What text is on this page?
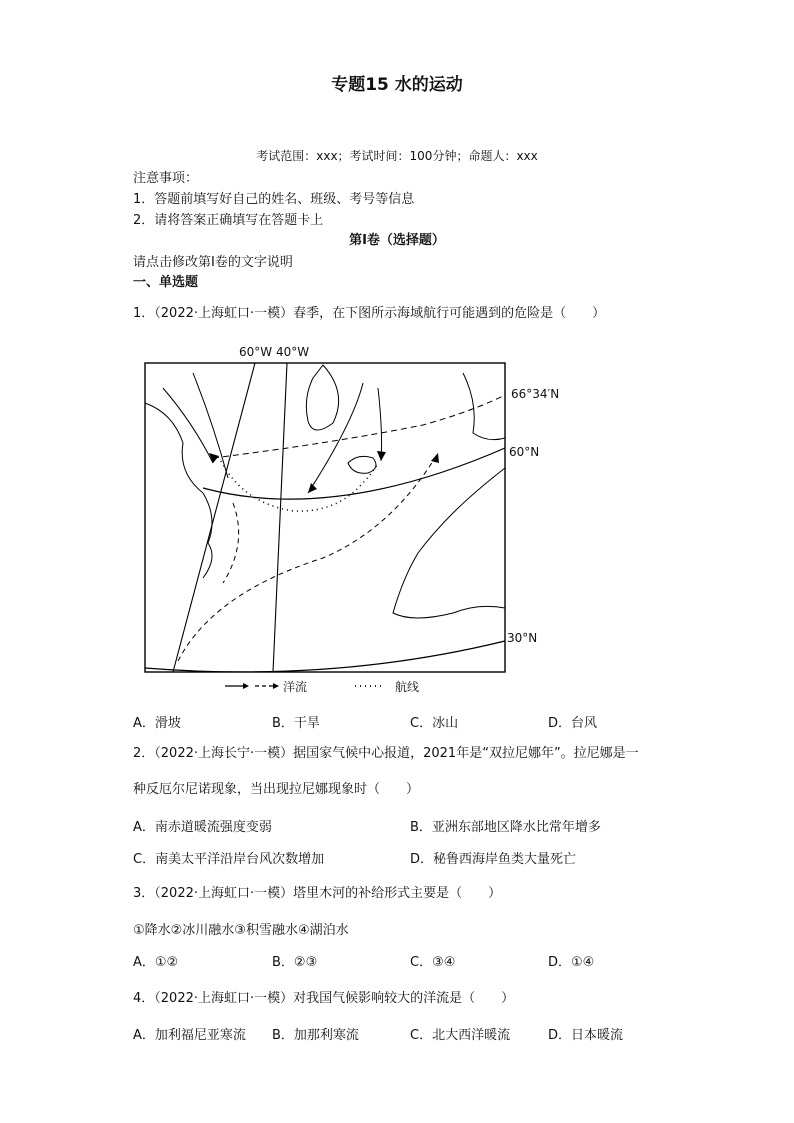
专题15 水的运动
考试范围：xxx；考试时间：100分钟；命题人：xxx
注意事项：
1．答题前填写好自己的姓名、班级、考号等信息
2．请将答案正确填写在答题卡上
第I卷（选择题）
请点击修改第I卷的文字说明
一、单选题
1．（2022·上海虹口·一模）春季，在下图所示海域航行可能遇到的危险是（　　）
60°W 40°W
66°34′N
60°N
30°N
洋流	航线
A．滑坡	B．干旱	C．冰山	D．台风
2．（2022·上海长宁·一模）据国家气候中心报道，2021年是“双拉尼娜年”。拉尼娜是一
种反厄尔尼诺现象，当出现拉尼娜现象时（　　）
A．南赤道暖流强度变弱	B．亚洲东部地区降水比常年增多
C．南美太平洋沿岸台风次数增加	D．秘鲁西海岸鱼类大量死亡
3．（2022·上海虹口·一模）塔里木河的补给形式主要是（　　）
①降水②冰川融水③积雪融水④湖泊水
A．①②	B．②③	C．③④	D．①④
4．（2022·上海虹口·一模）对我国气候影响较大的洋流是（　　）
A．加利福尼亚寒流 B．加那利寒流	C．北大西洋暖流	D．日本暖流
